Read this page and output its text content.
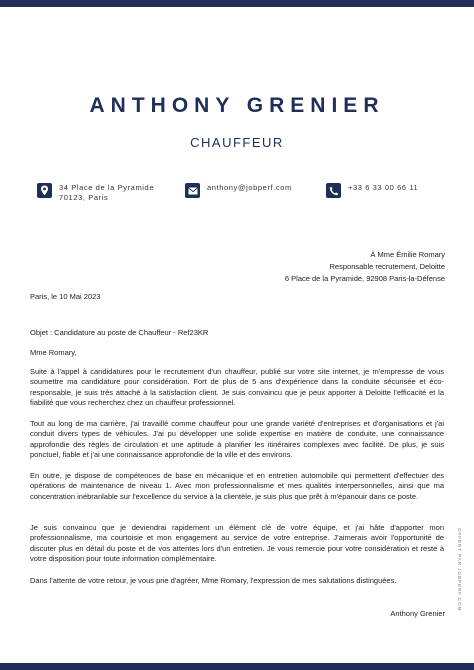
ANTHONY GRENIER
CHAUFFEUR
34 Place de la Pyramide
70123, Paris
anthony@jobperf.com	+33 6 33 00 66 11
À Mme Émilie Romary
Responsable recrutement, Deloitte
6 Place de la Pyramide, 92908 Paris-la-Défense
Paris, le 10 Mai 2023
Objet : Candidature au poste de Chauffeur - Ref23KR
Mme Romary,

Suite à l'appel à candidatures pour le recrutement d'un chauffeur, publié sur votre site internet, je m'empresse de vous soumettre ma candidature pour considération. Fort de plus de 5 ans d'expérience dans la conduite sécurisée et éco-responsable, je suis très attaché à la satisfaction client. Je suis convaincu que je peux apporter à Deloitte l'efficacité et la fiabilité que vous recherchez chez un chauffeur professionnel.

Tout au long de ma carrière, j'ai travaillé comme chauffeur pour une grande variété d'entreprises et d'organisations et j'ai conduit divers types de véhicules. J'ai pu développer une solide expertise en matière de conduite, une connaissance approfondie des règles de circulation et une aptitude à planifier les itinéraires complexes avec facilité. De plus, je suis ponctuel, fiable et j'ai une connaissance approfondie de la ville et des environs.

En outre, je dispose de compétences de base en mécanique et en entretien automobile qui permettent d'effectuer des opérations de maintenance de niveau 1. Avec mon professionnalisme et mes qualités interpersonnelles, ainsi que ma concentration inébranlable sur l'excellence du service à la clientèle, je suis plus que prêt à m'épanouir dans ce poste.

Je suis convaincu que je deviendrai rapidement un élément clé de votre équipe, et j'ai hâte d'apporter mon professionnalisme, ma courtoisie et mon engagement au service de votre entreprise. J'aimerais avoir l'opportunité de discuter plus en détail du poste et de vos attentes lors d'un entretien. Je vous remercie pour votre considération et reste à votre disposition pour toute information complémentaire.

Dans l'attente de votre retour, je vous prie d'agréer, Mme Romary, l'expression de mes salutations distinguées.

Anthony Grenier
OFFERT PAR JOBPERF.COM
